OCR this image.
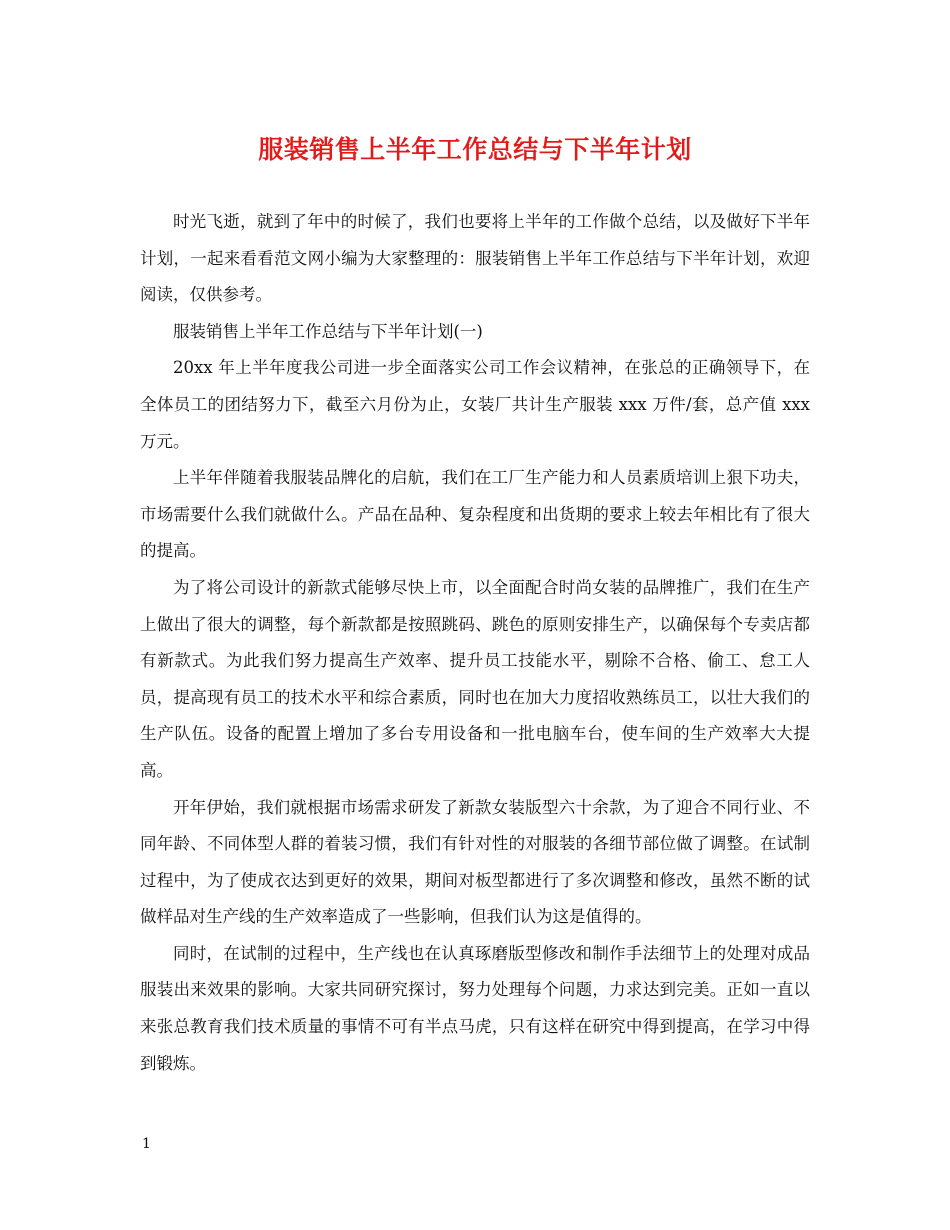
服装销售上半年工作总结与下半年计划

时光飞逝，就到了年中的时候了，我们也要将上半年的工作做个总结，以及做好下半年计划，一起来看看范文网小编为大家整理的：服装销售上半年工作总结与下半年计划，欢迎阅读，仅供参考。

服装销售上半年工作总结与下半年计划(一)

20xx 年上半年度我公司进一步全面落实公司工作会议精神，在张总的正确领导下，在全体员工的团结努力下，截至六月份为止，女装厂共计生产服装 xxx 万件/套，总产值 xxx 万元。

上半年伴随着我服装品牌化的启航，我们在工厂生产能力和人员素质培训上狠下功夫，市场需要什么我们就做什么。产品在品种、复杂程度和出货期的要求上较去年相比有了很大的提高。

为了将公司设计的新款式能够尽快上市，以全面配合时尚女装的品牌推广，我们在生产上做出了很大的调整，每个新款都是按照跳码、跳色的原则安排生产，以确保每个专卖店都有新款式。为此我们努力提高生产效率、提升员工技能水平，剔除不合格、偷工、怠工人员，提高现有员工的技术水平和综合素质，同时也在加大力度招收熟练员工，以壮大我们的生产队伍。设备的配置上增加了多台专用设备和一批电脑车台，使车间的生产效率大大提高。

开年伊始，我们就根据市场需求研发了新款女装版型六十余款，为了迎合不同行业、不同年龄、不同体型人群的着装习惯，我们有针对性的对服装的各细节部位做了调整。在试制过程中，为了使成衣达到更好的效果，期间对板型都进行了多次调整和修改，虽然不断的试做样品对生产线的生产效率造成了一些影响，但我们认为这是值得的。

同时，在试制的过程中，生产线也在认真琢磨版型修改和制作手法细节上的处理对成品服装出来效果的影响。大家共同研究探讨，努力处理每个问题，力求达到完美。正如一直以来张总教育我们技术质量的事情不可有半点马虎，只有这样在研究中得到提高，在学习中得到锻炼。

1
